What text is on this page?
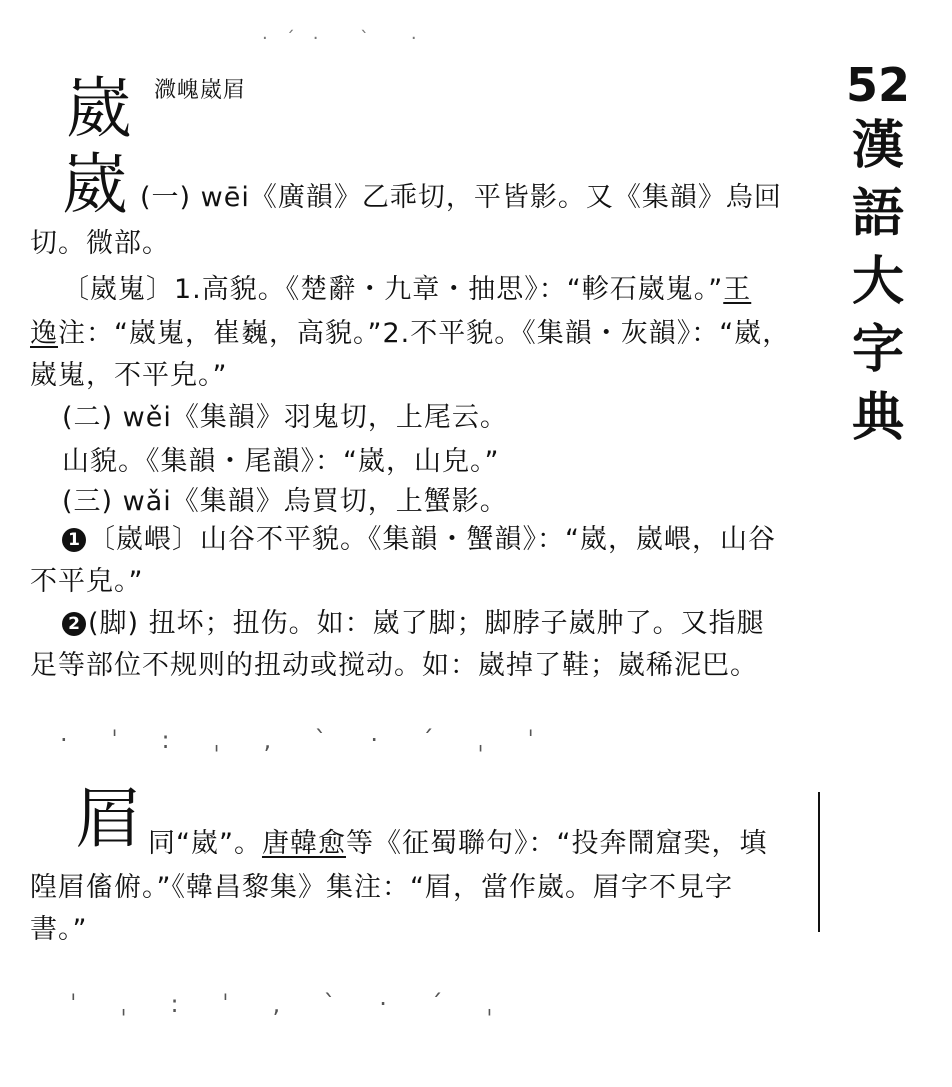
52
漢
語
大
字
典
·ˊ· ˋ ·
崴 㵟㟴崴㞒
崴 (一) wēi《廣韻》乙乖切，平皆影。又《集韻》烏回
切。微部。
〔崴嵬〕1.高貌。《楚辭・九章・抽思》：“軫石崴嵬。”王
逸注：“崴嵬，崔巍，高貌。”2.不平貌。《集韻・灰韻》：“崴，
崴嵬，不平皃。”
(二) wěi《集韻》羽鬼切，上尾云。
山貌。《集韻・尾韻》：“崴，山皃。”
(三) wǎi《集韻》烏買切，上蟹影。
1 〔崴㟪〕山谷不平貌。《集韻・蟹韻》：“崴，崴㟪，山谷
不平皃。”
2 (脚) 扭坏；扭伤。如：崴了脚；脚脖子崴肿了。又指腿
足等部位不规则的扭动或搅动。如：崴掉了鞋；崴稀泥巴。
· ˈ ꞉ ˌ ‚ ˋ · ˊ ˌ ˈ
㞒 同“崴”。唐韓愈等《征蜀聯句》：“投奔鬧窟㠫，填
隍㞒傗俯。”《韓昌黎集》集注：“㞒，當作崴。㞒字不見字
書。”
ˈ ˌ ꞉ ˈ ‚ ˋ · ˊ ˌ
